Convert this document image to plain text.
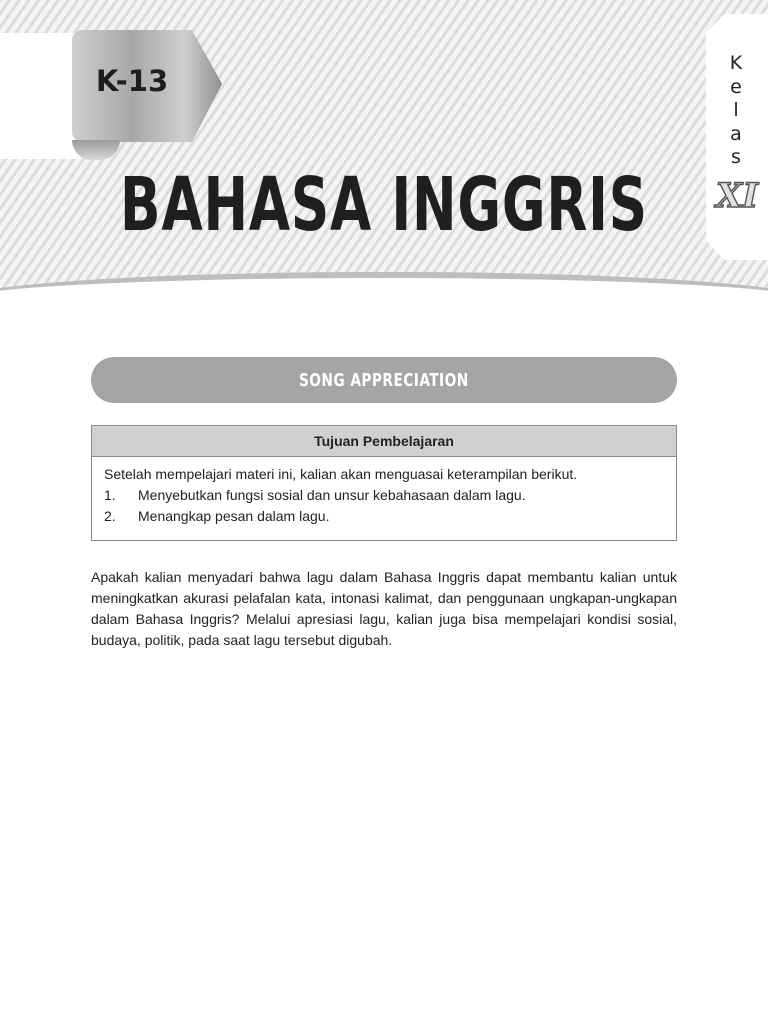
K-13
BAHASA INGGRIS
K
e
l
a
s
XI
SONG APPRECIATION
Tujuan Pembelajaran
Setelah mempelajari materi ini, kalian akan menguasai keterampilan berikut.
1.	Menyebutkan fungsi sosial dan unsur kebahasaan dalam lagu.
2.	Menangkap pesan dalam lagu.

Apakah kalian menyadari bahwa lagu dalam Bahasa Inggris dapat membantu kalian untuk meningkatkan akurasi pelafalan kata, intonasi kalimat, dan penggunaan ungkapan-ungkapan dalam Bahasa Inggris? Melalui apresiasi lagu, kalian juga bisa mempelajari kondisi sosial, budaya, politik, pada saat lagu tersebut digubah.
